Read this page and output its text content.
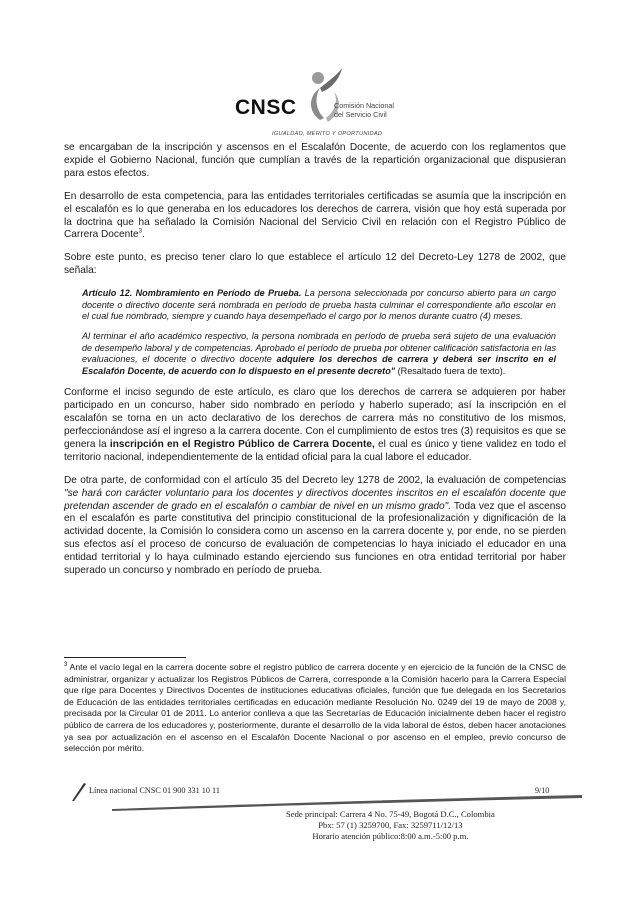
CNSC	Comisión Nacional
del Servicio Civil
IGUALDAD, MÉRITO Y OPORTUNIDAD

se encargaban de la inscripción y ascensos en el Escalafón Docente, de acuerdo con los reglamentos que expide el Gobierno Nacional, función que cumplían a través de la repartición organizacional que dispusieran para estos efectos.

En desarrollo de esta competencia, para las entidades territoriales certificadas se asumía que la inscripción en el escalafón es lo que generaba en los educadores los derechos de carrera, visión que hoy está superada por la doctrina que ha señalado la Comisión Nacional del Servicio Civil en relación con el Registro Público de Carrera Docente$^3$.

Sobre este punto, es preciso tener claro lo que establece el artículo 12 del Decreto-Ley 1278 de 2002, que señala:

Artículo 12. Nombramiento en Período de Prueba. La persona seleccionada por concurso abierto para un cargo docente o directivo docente será nombrada en período de prueba hasta culminar el correspondiente año escolar en el cual fue nombrado, siempre y cuando haya desempeñado el cargo por lo menos durante cuatro (4) meses.

Al terminar el año académico respectivo, la persona nombrada en período de prueba será sujeto de una evaluación de desempeño laboral y de competencias. Aprobado el período de prueba por obtener calificación satisfactoria en las evaluaciones, el docente o directivo docente adquiere los derechos de carrera y deberá ser inscrito en el Escalafón Docente, de acuerdo con lo dispuesto en el presente decreto" (Resaltado fuera de texto).

Conforme el inciso segundo de este artículo, es claro que los derechos de carrera se adquieren por haber participado en un concurso, haber sido nombrado en período y haberlo superado; así la inscripción en el escalafón se torna en un acto declarativo de los derechos de carrera más no constitutivo de los mismos, perfeccionándose así el ingreso a la carrera docente. Con el cumplimiento de estos tres (3) requisitos es que se genera la inscripción en el Registro Público de Carrera Docente, el cual es único y tiene validez en todo el territorio nacional, independientemente de la entidad oficial para la cual labore el educador.

De otra parte, de conformidad con el artículo 35 del Decreto ley 1278 de 2002, la evaluación de competencias "se hará con carácter voluntario para los docentes y directivos docentes inscritos en el escalafón docente que pretendan ascender de grado en el escalafón o cambiar de nivel en un mismo grado". Toda vez que el ascenso en el escalafón es parte constitutiva del principio constitucional de la profesionalización y dignificación de la actividad docente, la Comisión lo considera como un ascenso en la carrera docente y, por ende, no se pierden sus efectos así el proceso de concurso de evaluación de competencias lo haya iniciado el educador en una entidad territorial y lo haya culminado estando ejerciendo sus funciones en otra entidad territorial por haber superado un concurso y nombrado en período de prueba.

$^3$ Ante el vacío legal en la carrera docente sobre el registro público de carrera docente y en ejercicio de la función de la CNSC de administrar, organizar y actualizar los Registros Públicos de Carrera, corresponde a la Comisión hacerlo para la Carrera Especial que rige para Docentes y Directivos Docentes de instituciones educativas oficiales, función que fue delegada en los Secretarios de Educación de las entidades territoriales certificadas en educación mediante Resolución No. 0249 del 19 de mayo de 2008 y, precisada por la Circular 01 de 2011. Lo anterior conlleva a que las Secretarías de Educación inicialmente deben hacer el registro público de carrera de los educadores y, posteriormente, durante el desarrollo de la vida laboral de éstos, deben hacer anotaciones ya sea por actualización en el ascenso en el Escalafón Docente Nacional o por ascenso en el empleo, previo concurso de selección por mérito.

Línea nacional CNSC 01 900 331 10 11	9/10
Sede principal: Carrera 4 No. 75-49, Bogotá D.C., Colombia
Pbx: 57 (1) 3259700, Fax: 3259711/12/13
Horario atención público:8:00 a.m.-5:00 p.m.
